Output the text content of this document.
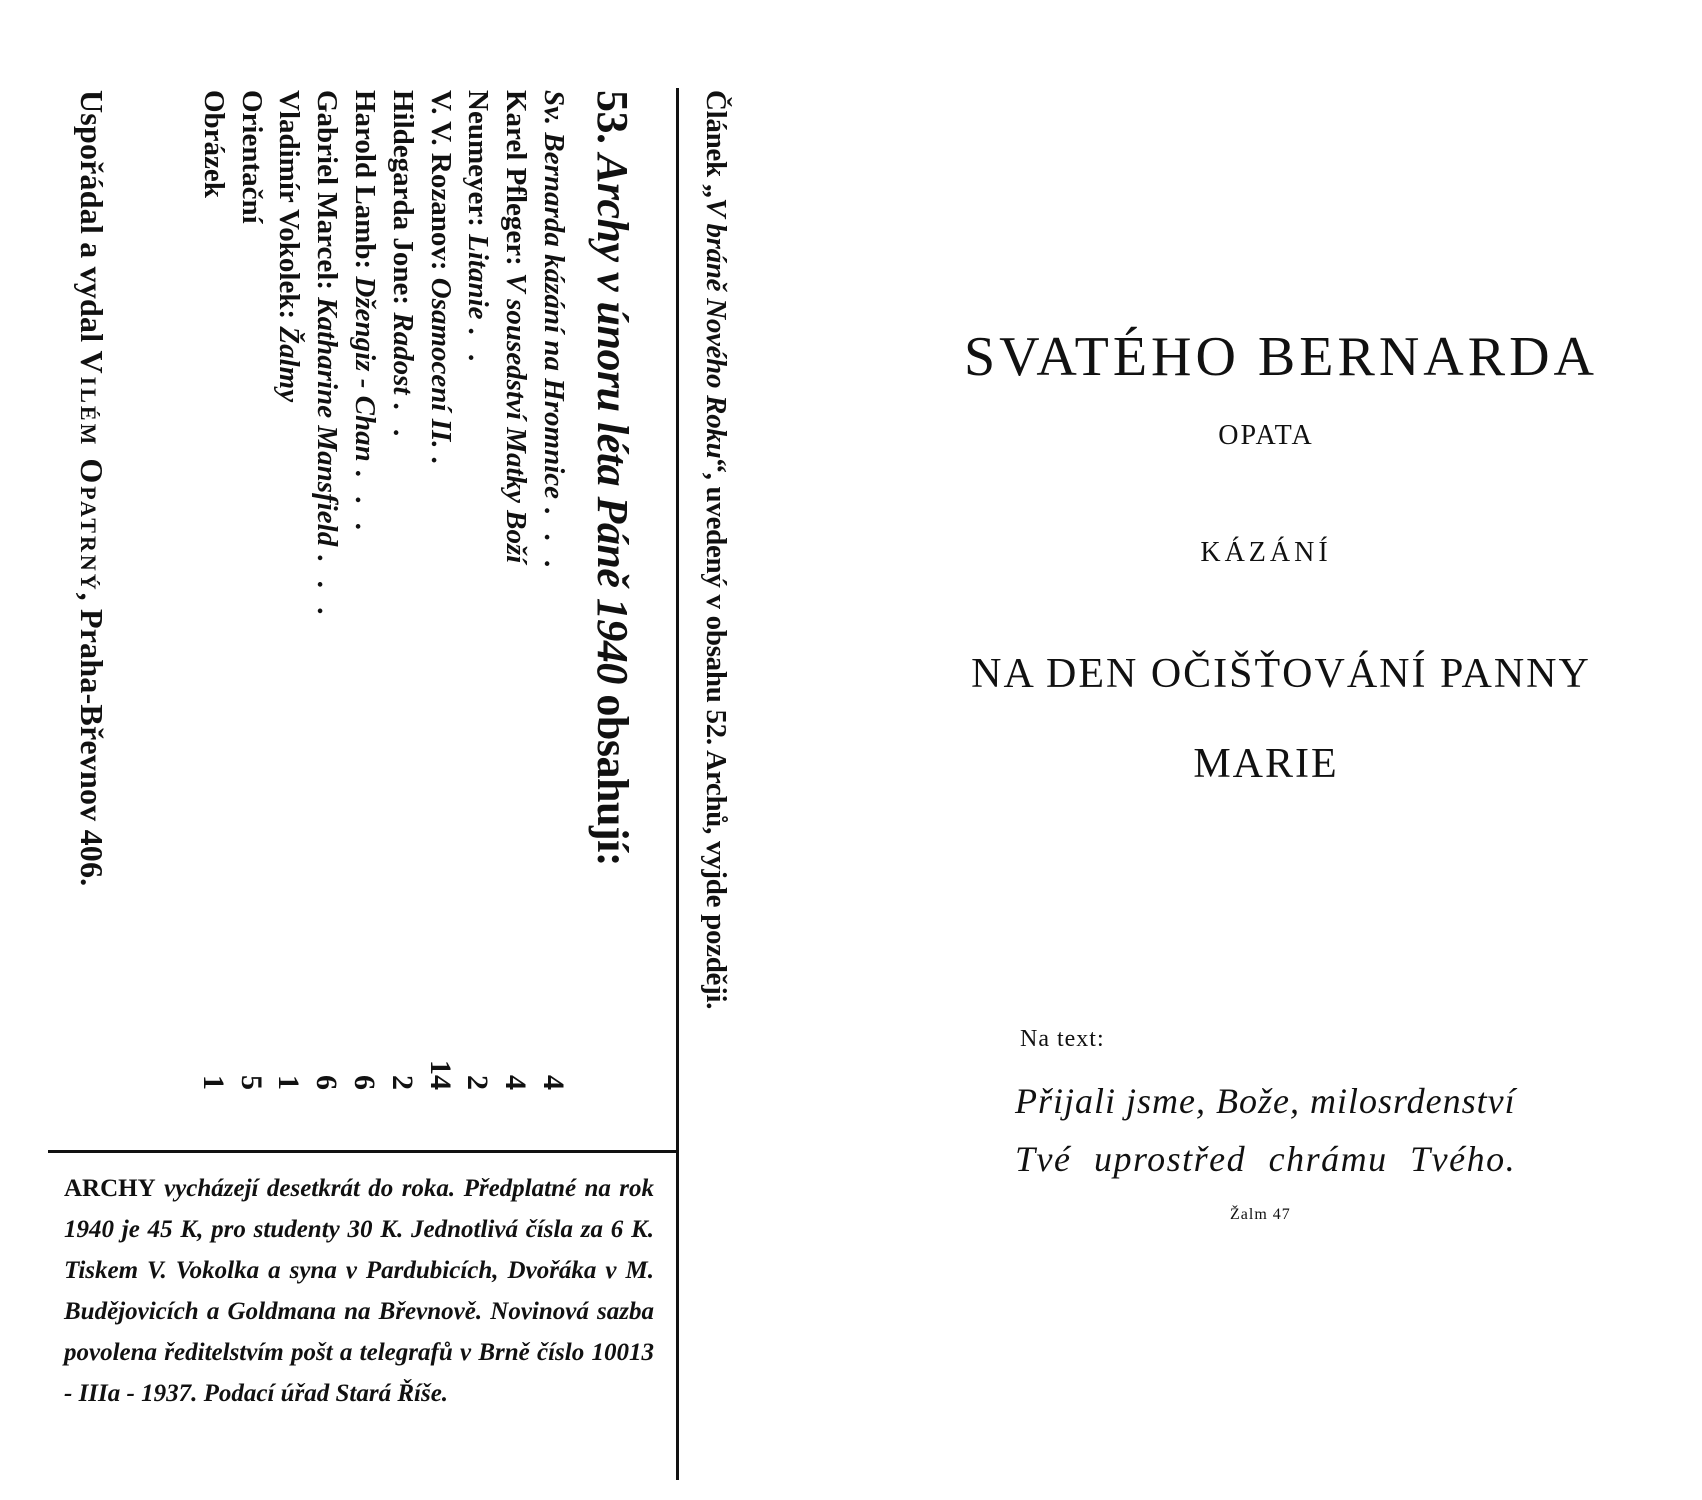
Článek „V bráně Nového Roku“, uvedený v obsahu 52. Archů, vyjde později.
53. Archy v únoru léta Páně 1940 obsahují:
Sv. Bernarda kázání na Hromnice. . .
4
Karel Pfleger: V sousedství Matky Boží
4
Neumeyer: Litanie. .
2
V. V. Rozanov: Osamocení II..
14
Hildegarda Jone: Radost. .
2
Harold Lamb: Džengiz - Chan. . .
6
Gabriel Marcel: Katharine Mansfield. . .
6
Vladimír Vokolek: Žalmy
1
Orientační
5
Obrázek
1
Uspořádal a vydal Vilém Opatrný, Praha-Břevnov 406.
ARCHY vycházejí desetkrát do roka. Předplatné na rok 1940 je 45 K, pro studenty 30 K. Jednotlivá čísla za 6 K. Tiskem V. Vokolka a syna v Pardubicích, Dvořáka v M. Budějovicích a Goldmana na Břevnově. Novinová sazba povolena ředitelstvím pošt a telegrafů v Brně číslo 10013 - IIIa - 1937. Podací úřad Stará Říše.
SVATÉHO BERNARDA
OPATA
KÁZÁNÍ
NA DEN OČIŠŤOVÁNÍ PANNY
MARIE
Na text:
Přijali jsme, Bože, milosrdenství
Tvé uprostřed chrámu Tvého.
Žalm 47
